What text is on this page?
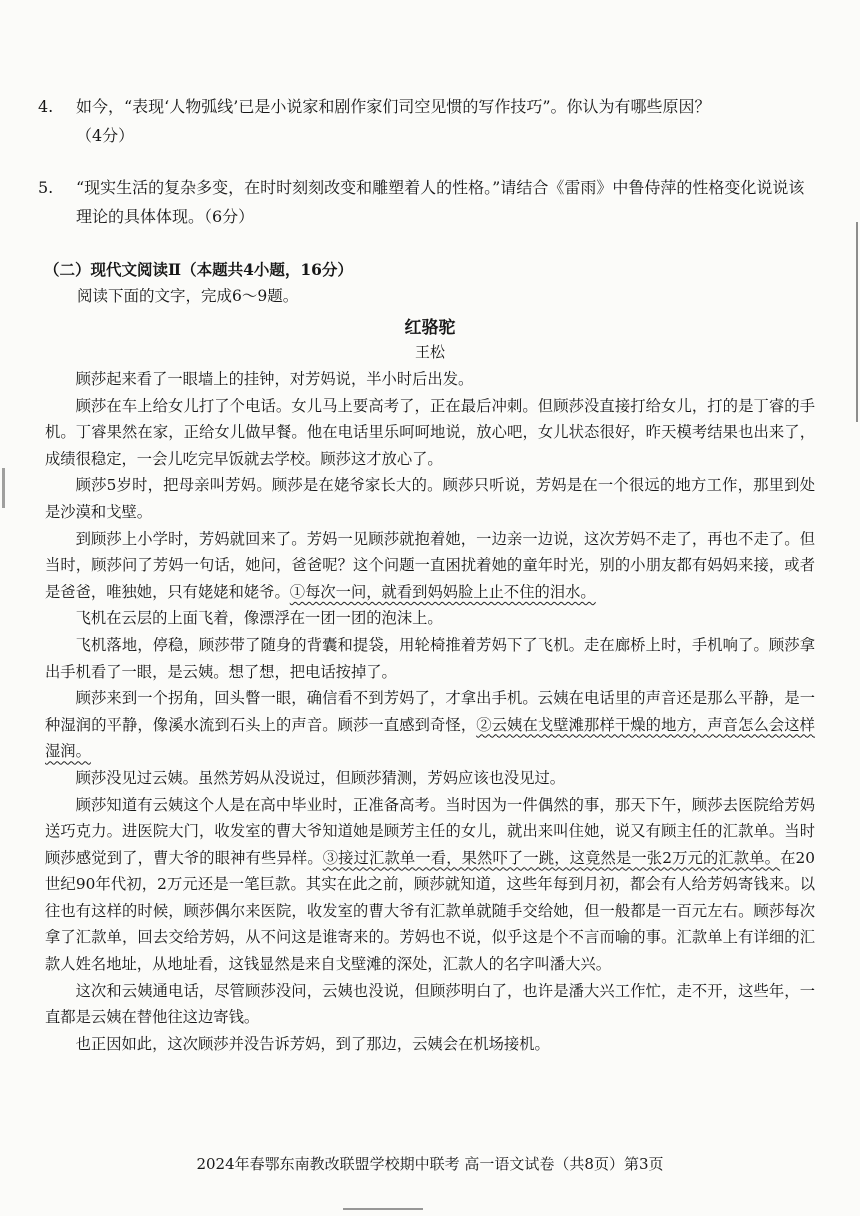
4. 如今，“表现‘人物弧线’已是小说家和剧作家们司空见惯的写作技巧”。你认为有哪些原因？
（4分）
5. “现实生活的复杂多变，在时时刻刻改变和雕塑着人的性格。”请结合《雷雨》中鲁侍萍的性格变化说说该理论的具体体现。（6分）
（二）现代文阅读Ⅱ（本题共4小题，16分）
阅读下面的文字，完成6～9题。
红骆驼
王松

顾莎起来看了一眼墙上的挂钟，对芳妈说，半小时后出发。

顾莎在车上给女儿打了个电话。女儿马上要高考了，正在最后冲刺。但顾莎没直接打给女儿，打的是丁睿的手机。丁睿果然在家，正给女儿做早餐。他在电话里乐呵呵地说，放心吧，女儿状态很好，昨天模考结果也出来了，成绩很稳定，一会儿吃完早饭就去学校。顾莎这才放心了。

顾莎5岁时，把母亲叫芳妈。顾莎是在姥爷家长大的。顾莎只听说，芳妈是在一个很远的地方工作，那里到处是沙漠和戈壁。

到顾莎上小学时，芳妈就回来了。芳妈一见顾莎就抱着她，一边亲一边说，这次芳妈不走了，再也不走了。但当时，顾莎问了芳妈一句话，她问，爸爸呢？这个问题一直困扰着她的童年时光，别的小朋友都有妈妈来接，或者是爸爸，唯独她，只有姥姥和姥爷。①每次一问，就看到妈妈脸上止不住的泪水。

飞机在云层的上面飞着，像漂浮在一团一团的泡沫上。

飞机落地，停稳，顾莎带了随身的背囊和提袋，用轮椅推着芳妈下了飞机。走在廊桥上时，手机响了。顾莎拿出手机看了一眼，是云姨。想了想，把电话按掉了。

顾莎来到一个拐角，回头瞥一眼，确信看不到芳妈了，才拿出手机。云姨在电话里的声音还是那么平静，是一种湿润的平静，像溪水流到石头上的声音。顾莎一直感到奇怪，②云姨在戈壁滩那样干燥的地方，声音怎么会这样湿润。

顾莎没见过云姨。虽然芳妈从没说过，但顾莎猜测，芳妈应该也没见过。

顾莎知道有云姨这个人是在高中毕业时，正准备高考。当时因为一件偶然的事，那天下午，顾莎去医院给芳妈送巧克力。进医院大门，收发室的曹大爷知道她是顾芳主任的女儿，就出来叫住她，说又有顾主任的汇款单。当时顾莎感觉到了，曹大爷的眼神有些异样。③接过汇款单一看，果然吓了一跳，这竟然是一张2万元的汇款单。在20世纪90年代初，2万元还是一笔巨款。其实在此之前，顾莎就知道，这些年每到月初，都会有人给芳妈寄钱来。以往也有这样的时候，顾莎偶尔来医院，收发室的曹大爷有汇款单就随手交给她，但一般都是一百元左右。顾莎每次拿了汇款单，回去交给芳妈，从不问这是谁寄来的。芳妈也不说，似乎这是个不言而喻的事。汇款单上有详细的汇款人姓名地址，从地址看，这钱显然是来自戈壁滩的深处，汇款人的名字叫潘大兴。

这次和云姨通电话，尽管顾莎没问，云姨也没说，但顾莎明白了，也许是潘大兴工作忙，走不开，这些年，一直都是云姨在替他往这边寄钱。

也正因如此，这次顾莎并没告诉芳妈，到了那边，云姨会在机场接机。

2024年春鄂东南教改联盟学校期中联考 高一语文试卷（共8页）第3页
